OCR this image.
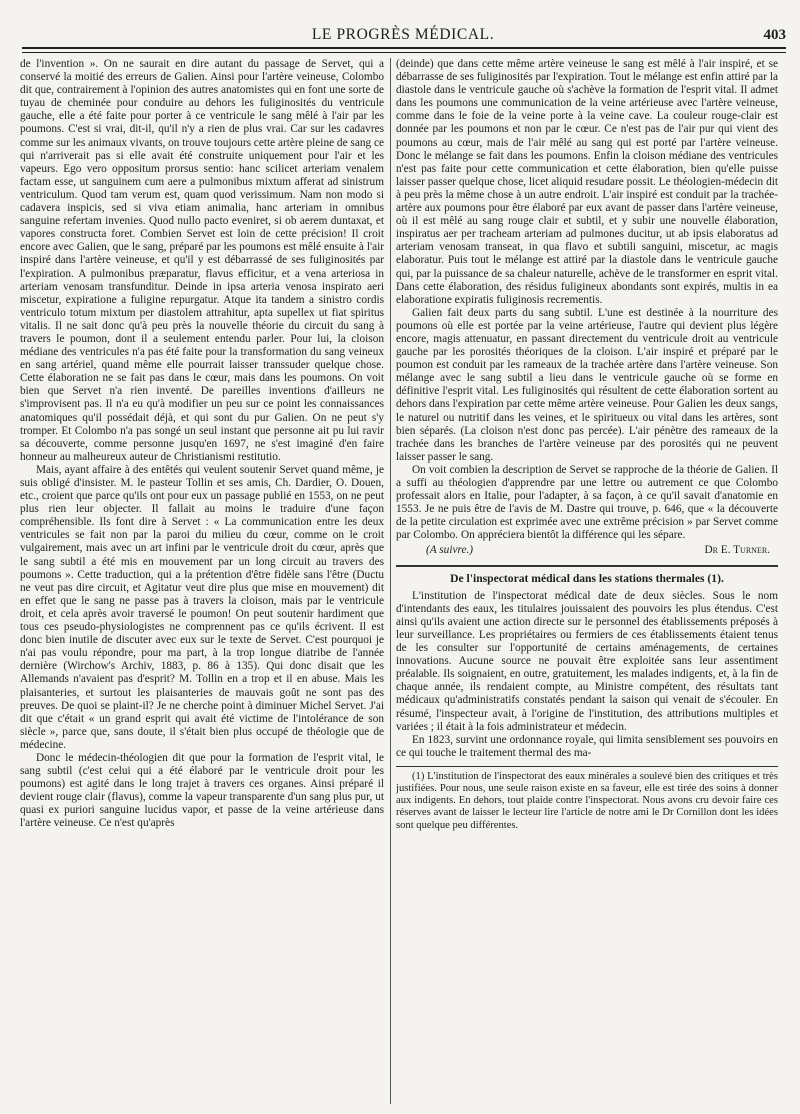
LE PROGRÈS MÉDICAL.	403

de l'invention ». On ne saurait en dire autant du passage de Servet, qui a conservé la moitié des erreurs de Galien. Ainsi pour l'artère veineuse, Colombo dit que, contrairement à l'opinion des autres anatomistes qui en font une sorte de tuyau de cheminée pour conduire au dehors les fuliginosités du ventricule gauche, elle a été faite pour porter à ce ventricule le sang mêlé à l'air par les poumons. C'est si vrai, dit-il, qu'il n'y a rien de plus vrai. Car sur les cadavres comme sur les animaux vivants, on trouve toujours cette artère pleine de sang ce qui n'arriverait pas si elle avait été construite uniquement pour l'air et les vapeurs. Ego vero oppositum prorsus sentio: hanc scilicet arteriam venalem factam esse, ut sanguinem cum aere a pulmonibus mixtum afferat ad sinistrum ventriculum. Quod tam verum est, quam quod verissimum. Nam non modo si cadavera inspicis, sed si viva etiam animalia, hanc arteriam in omnibus sanguine refertam invenies. Quod nullo pacto eveniret, si ob aerem duntaxat, et vapores constructa foret. Combien Servet est loin de cette précision! Il croit encore avec Galien, que le sang, préparé par les poumons est mêlé ensuite à l'air inspiré dans l'artère veineuse, et qu'il y est débarrassé de ses fuliginosités par l'expiration. A pulmonibus præparatur, flavus efficitur, et a vena arteriosa in arteriam venosam transfunditur. Deinde in ipsa arteria venosa inspirato aeri miscetur, expiratione a fuligine repurgatur. Atque ita tandem a sinistro cordis ventriculo totum mixtum per diastolem attrahitur, apta supellex ut fiat spiritus vitalis. Il ne sait donc qu'à peu près la nouvelle théorie du circuit du sang à travers le poumon, dont il a seulement entendu parler. Pour lui, la cloison médiane des ventricules n'a pas été faite pour la transformation du sang veineux en sang artériel, quand même elle pourrait laisser transsuder quelque chose. Cette élaboration ne se fait pas dans le cœur, mais dans les poumons. On voit bien que Servet n'a rien inventé. De pareilles inventions d'ailleurs ne s'improvisent pas. Il n'a eu qu'à modifier un peu sur ce point les connaissances anatomiques qu'il possédait déjà, et qui sont du pur Galien. On ne peut s'y tromper. Et Colombo n'a pas songé un seul instant que personne ait pu lui ravir sa découverte, comme personne jusqu'en 1697, ne s'est imaginé d'en faire honneur au malheureux auteur de Christianismi restitutio.

Mais, ayant affaire à des entêtés qui veulent soutenir Servet quand même, je suis obligé d'insister. M. le pasteur Tollin et ses amis, Ch. Dardier, O. Douen, etc., croient que parce qu'ils ont pour eux un passage publié en 1553, on ne peut plus rien leur objecter. Il fallait au moins le traduire d'une façon compréhensible. Ils font dire à Servet : « La communication entre les deux ventricules se fait non par la paroi du milieu du cœur, comme on le croit vulgairement, mais avec un art infini par le ventricule droit du cœur, après que le sang subtil a été mis en mouvement par un long circuit au travers des poumons ». Cette traduction, qui a la prétention d'être fidèle sans l'être (Ductu ne veut pas dire circuit, et Agitatur veut dire plus que mise en mouvement) dit en effet que le sang ne passe pas à travers la cloison, mais par le ventricule droit, et cela après avoir traversé le poumon! On peut soutenir hardiment que tous ces pseudo-physiologistes ne comprennent pas ce qu'ils écrivent. Il est donc bien inutile de discuter avec eux sur le texte de Servet. C'est pourquoi je n'ai pas voulu répondre, pour ma part, à la trop longue diatribe de l'année dernière (Wirchow's Archiv, 1883, p. 86 à 135). Qui donc disait que les Allemands n'avaient pas d'esprit? M. Tollin en a trop et il en abuse. Mais les plaisanteries, et surtout les plaisanteries de mauvais goût ne sont pas des preuves. De quoi se plaint-il? Je ne cherche point à diminuer Michel Servet. J'ai dit que c'était « un grand esprit qui avait été victime de l'intolérance de son siècle », parce que, sans doute, il s'était bien plus occupé de théologie que de médecine.

Donc le médecin-théologien dit que pour la formation de l'esprit vital, le sang subtil (c'est celui qui a été élaboré par le ventricule droit pour les poumons) est agité dans le long trajet à travers ces organes. Ainsi préparé il devient rouge clair (flavus), comme la vapeur transparente d'un sang plus pur, ut quasi ex puriori sanguine lucidus vapor, et passe de la veine artérieuse dans l'artère veineuse. Ce n'est qu'après

(deinde) que dans cette même artère veineuse le sang est mêlé à l'air inspiré, et se débarrasse de ses fuliginosités par l'expiration. Tout le mélange est enfin attiré par la diastole dans le ventricule gauche où s'achève la formation de l'esprit vital. Il admet dans les poumons une communication de la veine artérieuse avec l'artère veineuse, comme dans le foie de la veine porte à la veine cave. La couleur rouge-clair est donnée par les poumons et non par le cœur. Ce n'est pas de l'air pur qui vient des poumons au cœur, mais de l'air mêlé au sang qui est porté par l'artère veineuse. Donc le mélange se fait dans les poumons. Enfin la cloison médiane des ventricules n'est pas faite pour cette communication et cette élaboration, bien qu'elle puisse laisser passer quelque chose, licet aliquid resudare possit. Le théologien-médecin dit à peu près la même chose à un autre endroit. L'air inspiré est conduit par la trachée-artère aux poumons pour être élaboré par eux avant de passer dans l'artère veineuse, où il est mêlé au sang rouge clair et subtil, et y subir une nouvelle élaboration, inspiratus aer per tracheam arteriam ad pulmones ducitur, ut ab ipsis elaboratus ad arteriam venosam transeat, in qua flavo et subtili sanguini, miscetur, ac magis elaboratur. Puis tout le mélange est attiré par la diastole dans le ventricule gauche qui, par la puissance de sa chaleur naturelle, achève de le transformer en esprit vital. Dans cette élaboration, des résidus fuligineux abondants sont expirés, multis in ea elaboratione expiratis fuliginosis recrementis.

Galien fait deux parts du sang subtil. L'une est destinée à la nourriture des poumons où elle est portée par la veine artérieuse, l'autre qui devient plus légère encore, magis attenuatur, en passant directement du ventricule droit au ventricule gauche par les porosités théoriques de la cloison. L'air inspiré et préparé par le poumon est conduit par les rameaux de la trachée artère dans l'artère veineuse. Son mélange avec le sang subtil a lieu dans le ventricule gauche où se forme en définitive l'esprit vital. Les fuliginosités qui résultent de cette élaboration sortent au dehors dans l'expiration par cette même artère veineuse. Pour Galien les deux sangs, le naturel ou nutritif dans les veines, et le spiritueux ou vital dans les artères, sont bien séparés. (La cloison n'est donc pas percée). L'air pénètre des rameaux de la trachée dans les branches de l'artère veineuse par des porosités qui ne peuvent laisser passer le sang.

On voit combien la description de Servet se rapproche de la théorie de Galien. Il a suffi au théologien d'apprendre par une lettre ou autrement ce que Colombo professait alors en Italie, pour l'adapter, à sa façon, à ce qu'il savait d'anatomie en 1553. Je ne puis être de l'avis de M. Dastre qui trouve, p. 646, que « la découverte de la petite circulation est exprimée avec une extrême précision » par Servet comme par Colombo. On appréciera bientôt la différence qui les sépare.

(A suivre.)	Dr E. Turner.
De l'inspectorat médical dans les stations thermales (1).

L'institution de l'inspectorat médical date de deux siècles. Sous le nom d'intendants des eaux, les titulaires jouissaient des pouvoirs les plus étendus. C'est ainsi qu'ils avaient une action directe sur le personnel des établissements préposés à leur surveillance. Les propriétaires ou fermiers de ces établissements étaient tenus de les consulter sur l'opportunité de certains aménagements, de certaines innovations. Aucune source ne pouvait être exploitée sans leur assentiment préalable. Ils soignaient, en outre, gratuitement, les malades indigents, et, à la fin de chaque année, ils rendaient compte, au Ministre compétent, des résultats tant médicaux qu'administratifs constatés pendant la saison qui venait de s'écouler. En résumé, l'inspecteur avait, à l'origine de l'institution, des attributions multiples et variées ; il était à la fois administrateur et médecin.

En 1823, survint une ordonnance royale, qui limita sensiblement ses pouvoirs en ce qui touche le traitement thermal des ma-

(1) L'institution de l'inspectorat des eaux minérales a soulevé bien des critiques et très justifiées. Pour nous, une seule raison existe en sa faveur, elle est tirée des soins à donner aux indigents. En dehors, tout plaide contre l'inspectorat. Nous avons cru devoir faire ces réserves avant de laisser le lecteur lire l'article de notre ami le Dr Cornillon dont les idées sont quelque peu différentes.
